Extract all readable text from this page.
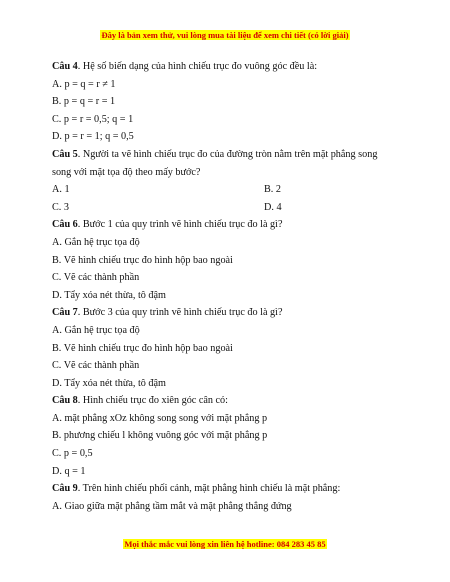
Đây là bản xem thử, vui lòng mua tài liệu để xem chi tiết (có lời giải)
Câu 4. Hệ số biến dạng của hình chiếu trục đo vuông góc đều là:
A. p = q = r ≠ 1
B. p = q = r = 1
C. p = r = 0,5; q = 1
D. p = r = 1; q = 0,5
Câu 5. Người ta vẽ hình chiếu trục đo của đường tròn nằm trên mặt phẳng song song với mặt tọa độ theo mấy bước?
A. 1	B. 2
C. 3	D. 4
Câu 6. Bước 1 của quy trình vẽ hình chiếu trục đo là gì?
A. Gắn hệ trục tọa độ
B. Vẽ hình chiếu trục đo hình hộp bao ngoài
C. Vẽ các thành phần
D. Tẩy xóa nét thừa, tô đậm
Câu 7. Bước 3 của quy trình vẽ hình chiếu trục đo là gì?
A. Gắn hệ trục tọa độ
B. Vẽ hình chiếu trục đo hình hộp bao ngoài
C. Vẽ các thành phần
D. Tẩy xóa nét thừa, tô đậm
Câu 8. Hình chiếu trục đo xiên góc cân có:
A. mặt phẳng xOz không song song với mặt phẳng p
B. phương chiếu l không vuông góc với mặt phẳng p
C. p = 0,5
D. q = 1
Câu 9. Trên hình chiếu phối cảnh, mặt phẳng hình chiếu là mặt phẳng:
A. Giao giữa mặt phẳng tầm mắt và mặt phẳng thẳng đứng
Mọi thắc mắc vui lòng xin liên hệ hotline: 084 283 45 85
